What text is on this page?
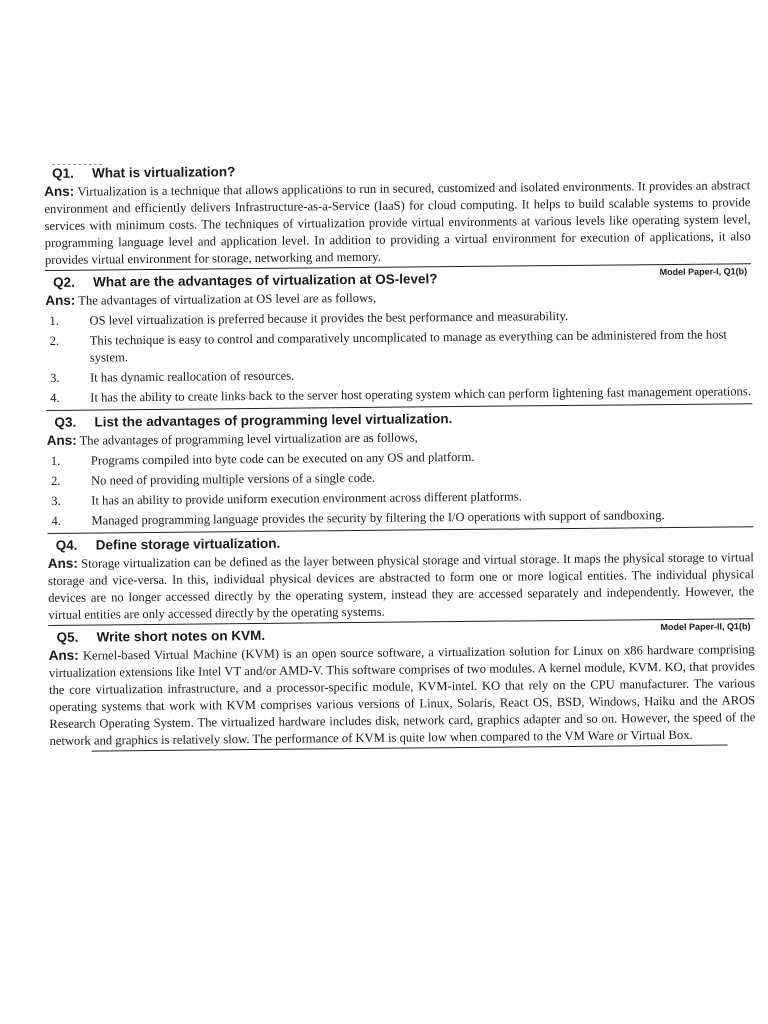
Q1.	What is virtualization?
Ans: Virtualization is a technique that allows applications to run in secured, customized and isolated environments. It provides an abstract environment and efficiently delivers Infrastructure-as-a-Service (IaaS) for cloud computing. It helps to build scalable systems to provide services with minimum costs. The techniques of virtualization provide virtual environments at various levels like operating system level, programming language level and application level. In addition to providing a virtual environment for execution of applications, it also provides virtual environment for storage, networking and memory.
Q2.	What are the advantages of virtualization at OS-level?	Model Paper-I, Q1(b)
Ans: The advantages of virtualization at OS level are as follows,
1.	OS level virtualization is preferred because it provides the best performance and measurability.
2.	This technique is easy to control and comparatively uncomplicated to manage as everything can be administered from the host system.
3.	It has dynamic reallocation of resources.
4.	It has the ability to create links back to the server host operating system which can perform lightening fast management operations.
Q3.	List the advantages of programming level virtualization.
Ans: The advantages of programming level virtualization are as follows,
1.	Programs compiled into byte code can be executed on any OS and platform.
2.	No need of providing multiple versions of a single code.
3.	It has an ability to provide uniform execution environment across different platforms.
4.	Managed programming language provides the security by filtering the I/O operations with support of sandboxing.
Q4.	Define storage virtualization.
Ans: Storage virtualization can be defined as the layer between physical storage and virtual storage. It maps the physical storage to virtual storage and vice-versa. In this, individual physical devices are abstracted to form one or more logical entities. The individual physical devices are no longer accessed directly by the operating system, instead they are accessed separately and independently. However, the virtual entities are only accessed directly by the operating systems.
Q5.	Write short notes on KVM.
Model Paper-II, Q1(b)
Ans: Kernel-based Virtual Machine (KVM) is an open source software, a virtualization solution for Linux on x86 hardware comprising virtualization extensions like Intel VT and/or AMD-V. This software comprises of two modules. A kernel module, KVM. KO, that provides the core virtualization infrastructure, and a processor-specific module, KVM-intel. KO that rely on the CPU manufacturer. The various operating systems that work with KVM comprises various versions of Linux, Solaris, React OS, BSD, Windows, Haiku and the AROS Research Operating System. The virtualized hardware includes disk, network card, graphics adapter and so on. However, the speed of the network and graphics is relatively slow. The performance of KVM is quite low when compared to the VM Ware or Virtual Box.
